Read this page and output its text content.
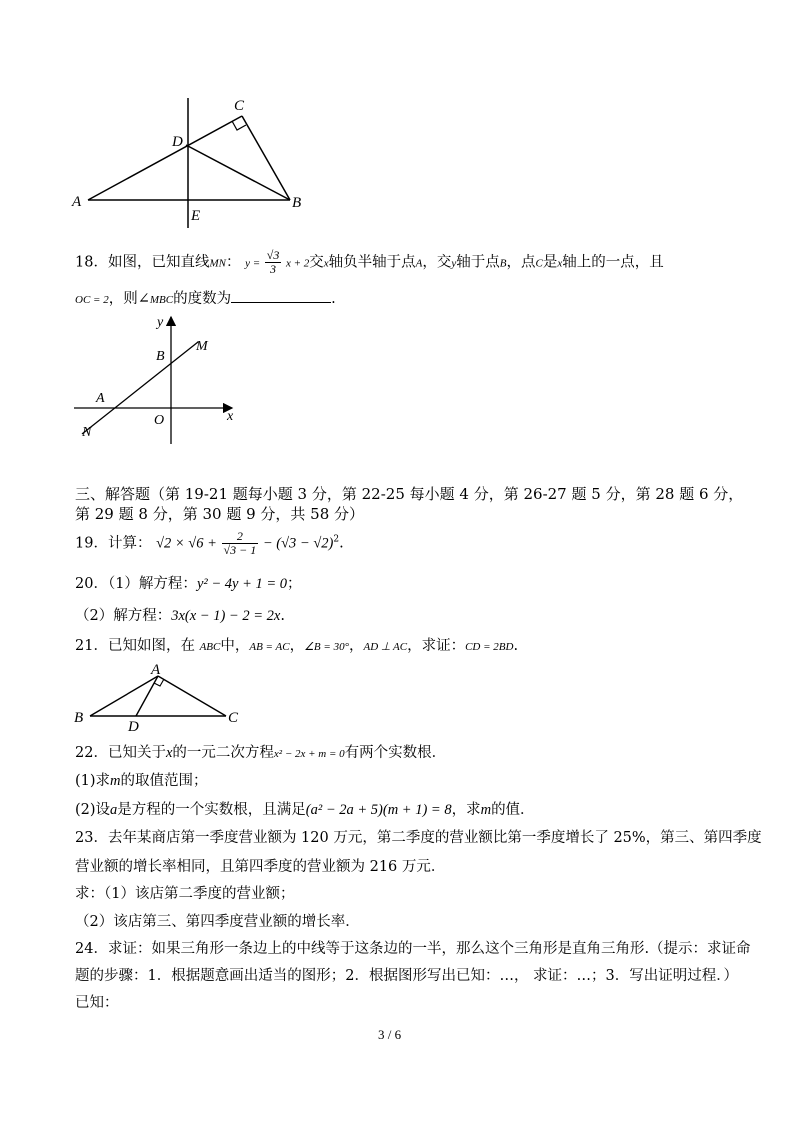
A	B
C
D
E
18．如图，已知直线MN： $y = \frac{√3}{3}$ x + 2交x轴负半轴于点A，交y轴于点B，点C是x轴上的一点，且
OC = 2，则∠MBC的度数为	.
y
x
M
B
A
O
N
三、解答题（第 19-21 题每小题 3 分，第 22-25 每小题 4 分，第 26-27 题 5 分，第 28 题 6 分，
第 29 题 8 分，第 30 题 9 分，共 58 分）
19．计算： $√2 \times √6 + \frac{2}{√3 - 1} - (√3 - √2)^2$.
20．（1）解方程：y² − 4y + 1 = 0；
（2）解方程：3x(x − 1) − 2 = 2x.
21．已知如图，在 ABC中，AB = AC，∠B = 30°，AD ⊥ AC，求证：CD = 2BD.
A
B	C
D
22．已知关于x的一元二次方程x² − 2x + m = 0有两个实数根．
(1)求m的取值范围；
(2)设a是方程的一个实数根，且满足(a² − 2a + 5)(m + 1) = 8，求m的值．
23．去年某商店第一季度营业额为 120 万元，第二季度的营业额比第一季度增长了 25%，第三、第四季度
营业额的增长率相同，且第四季度的营业额为 216 万元．
求：（1）该店第二季度的营业额；
（2）该店第三、第四季度营业额的增长率．
24．求证：如果三角形一条边上的中线等于这条边的一半，那么这个三角形是直角三角形.（提示：求证命
题的步骤：1．根据题意画出适当的图形；2．根据图形写出已知：…， 求证：…；3．写出证明过程．）
已知：
3 / 6
